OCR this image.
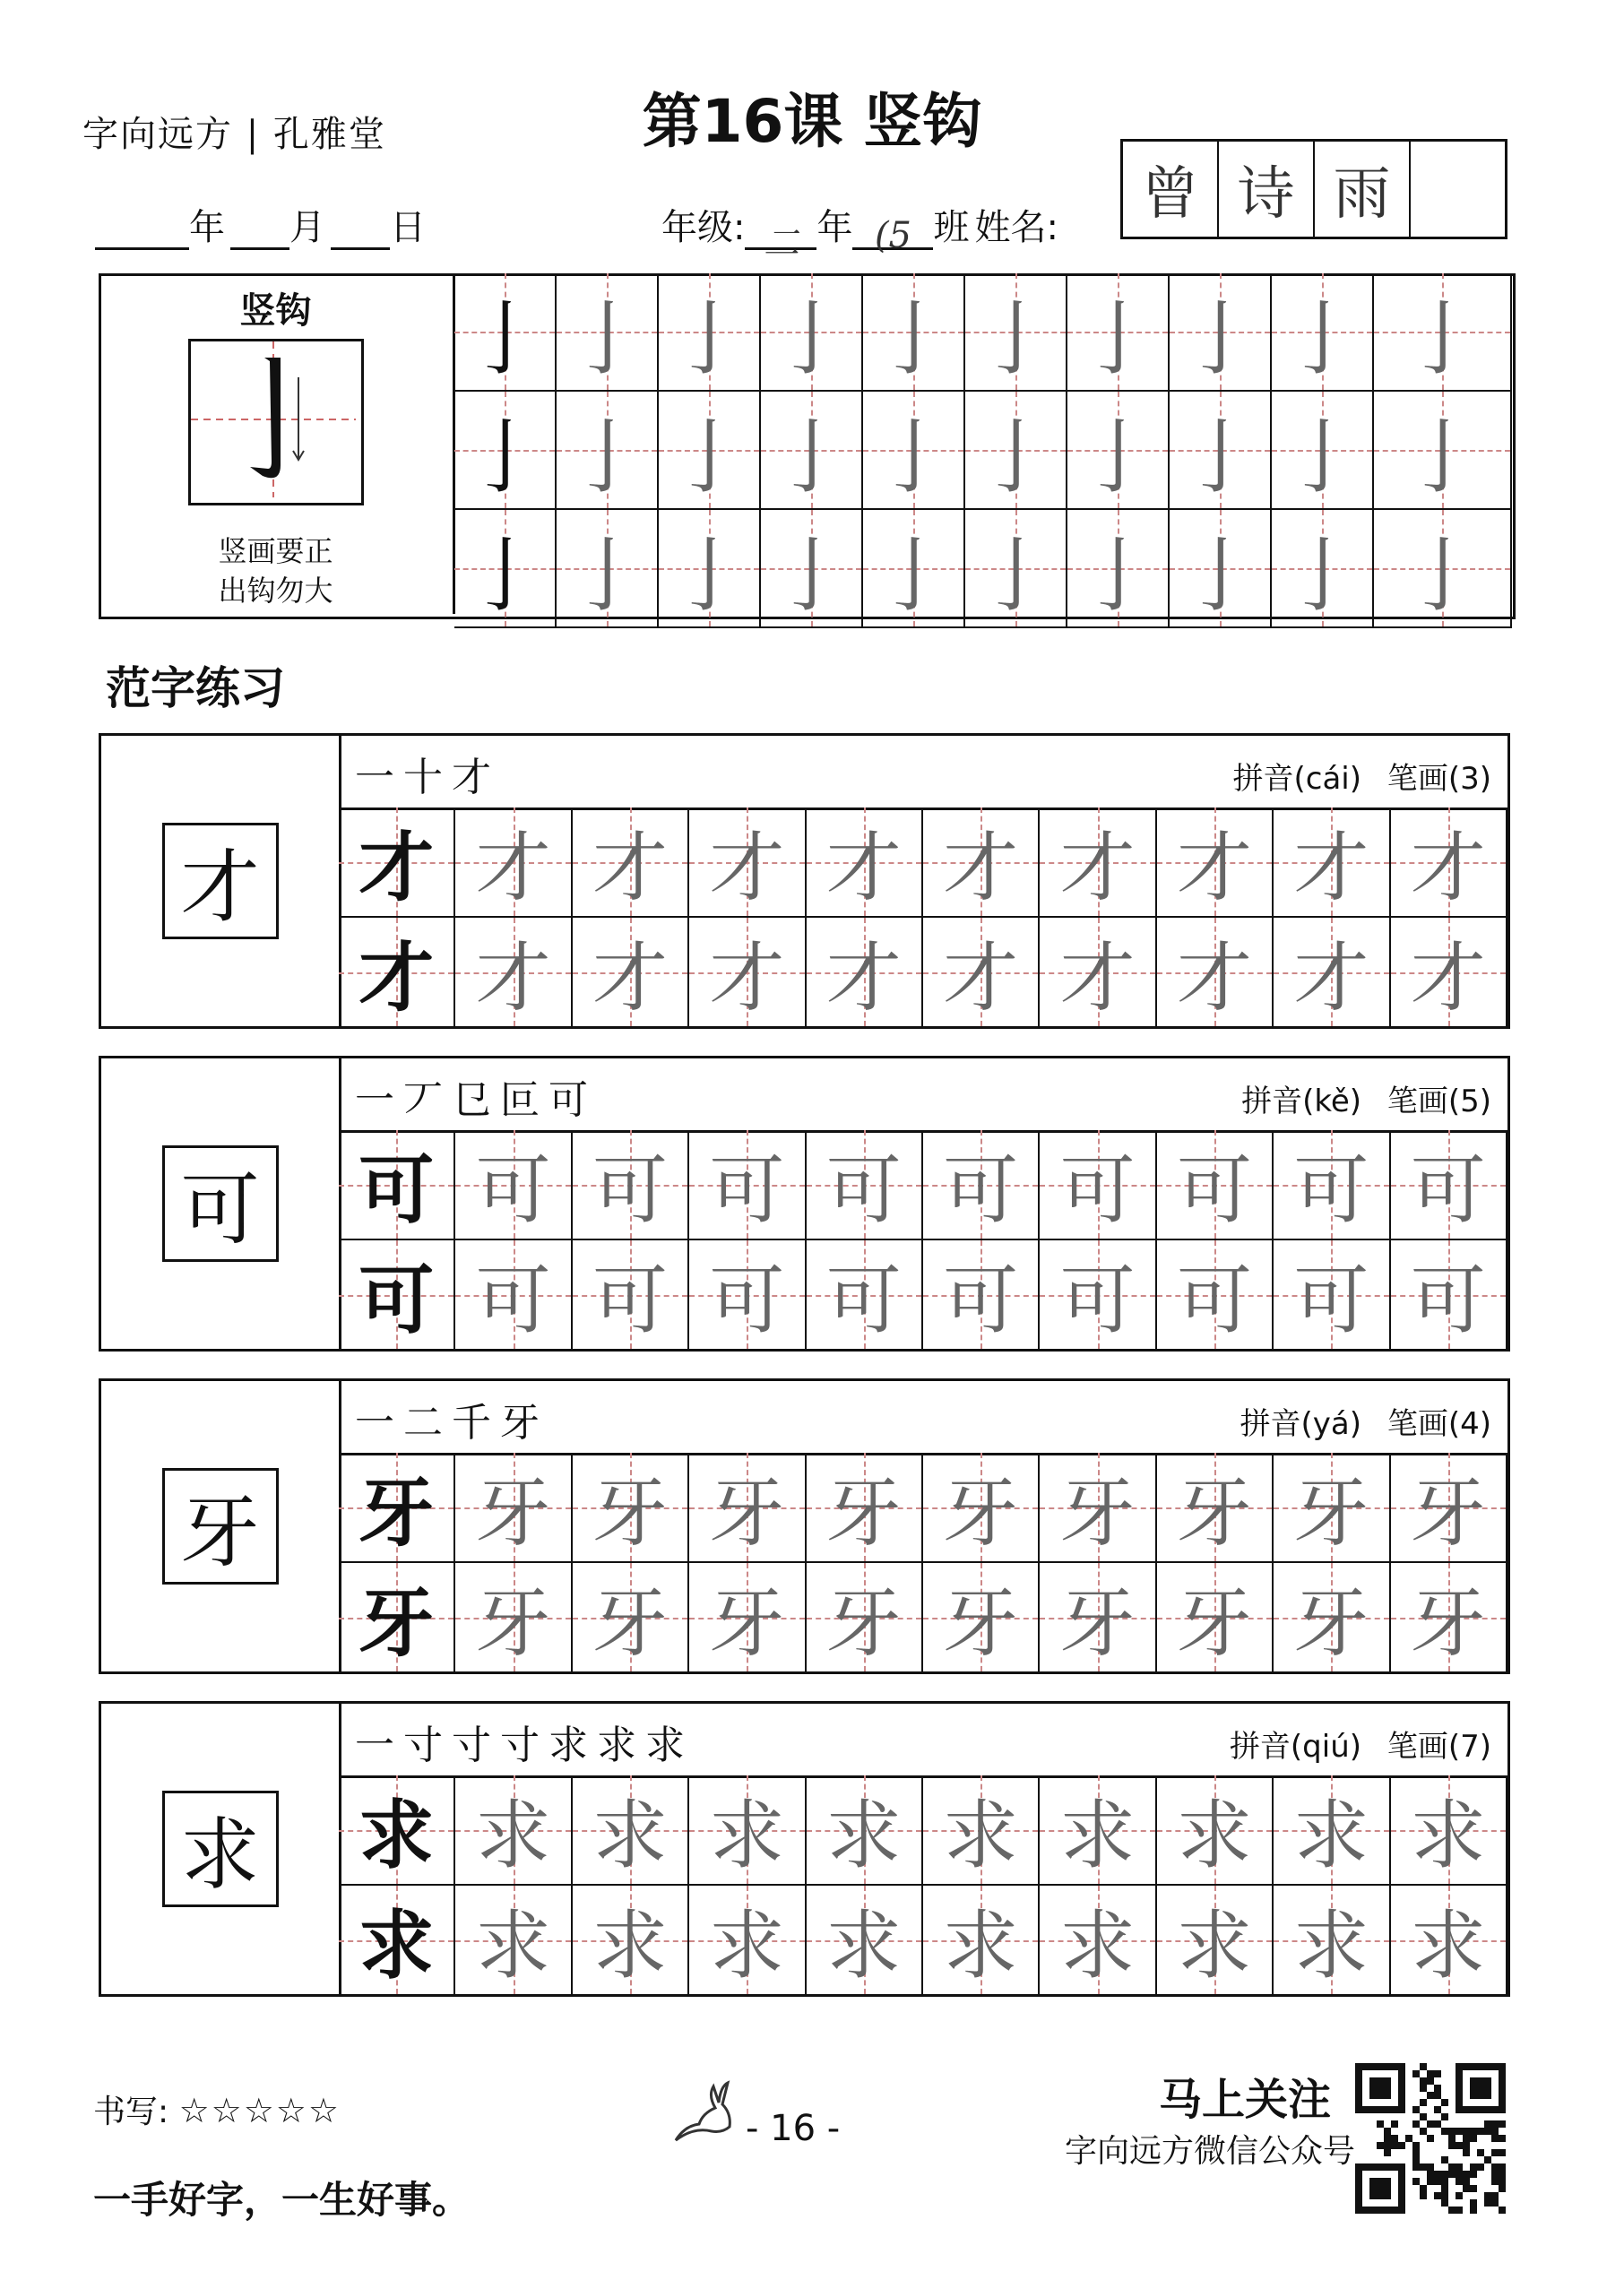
字向远方 | 孔雅堂	第16课 竖钩
年 月 日	年级: 二 年 (5 班 姓名:	曾 诗 雨
竖钩
竖画要正
出钩勿大
亅 亅 亅 亅 亅 亅 亅 亅 亅 亅
亅 亅 亅 亅 亅 亅 亅 亅 亅 亅
亅 亅 亅 亅 亅 亅 亅 亅 亅 亅
范字练习
才
一十才	拼音(cái) 笔画(3)
才 才 才 才 才 才 才 才 才 才
才 才 才 才 才 才 才 才 才 才
可
一丆㔾叵可	拼音(kě) 笔画(5)
可 可 可 可 可 可 可 可 可 可
可 可 可 可 可 可 可 可 可 可
牙
一二千牙	拼音(yá) 笔画(4)
牙 牙 牙 牙 牙 牙 牙 牙 牙 牙
牙 牙 牙 牙 牙 牙 牙 牙 牙 牙
求
一寸寸寸求求求	拼音(qiú) 笔画(7)
求 求 求 求 求 求 求 求 求 求
求 求 求 求 求 求 求 求 求 求
书写: ☆☆☆☆☆
一手好字，一生好事。
- 16 -
马上关注
字向远方微信公众号
